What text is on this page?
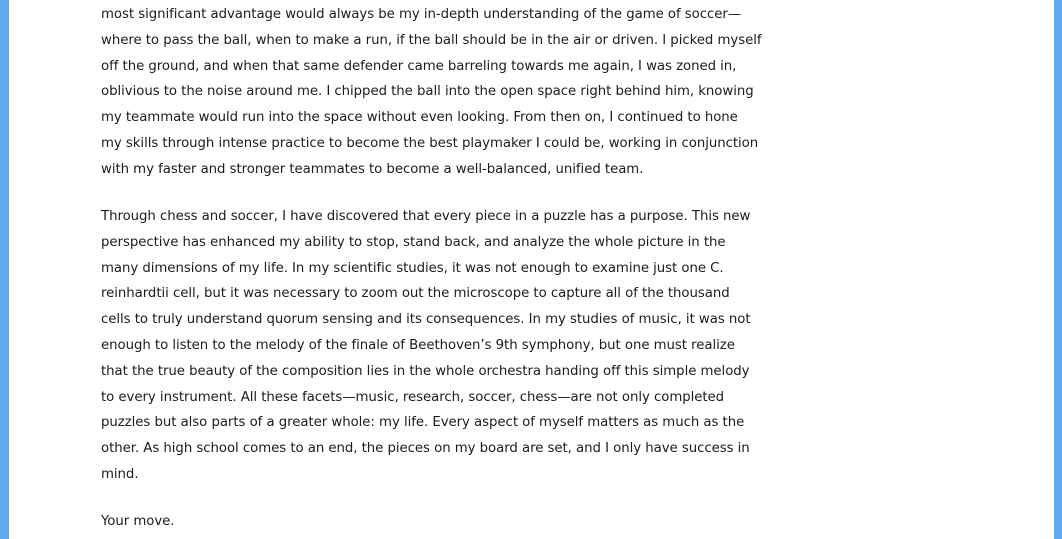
most significant advantage would always be my in-depth understanding of the game of soccer—
where to pass the ball, when to make a run, if the ball should be in the air or driven. I picked myself
off the ground, and when that same defender came barreling towards me again, I was zoned in,
oblivious to the noise around me. I chipped the ball into the open space right behind him, knowing
my teammate would run into the space without even looking. From then on, I continued to hone
my skills through intense practice to become the best playmaker I could be, working in conjunction
with my faster and stronger teammates to become a well-balanced, unified team.

Through chess and soccer, I have discovered that every piece in a puzzle has a purpose. This new
perspective has enhanced my ability to stop, stand back, and analyze the whole picture in the
many dimensions of my life. In my scientific studies, it was not enough to examine just one C.
reinhardtii cell, but it was necessary to zoom out the microscope to capture all of the thousand
cells to truly understand quorum sensing and its consequences. In my studies of music, it was not
enough to listen to the melody of the finale of Beethoven’s 9th symphony, but one must realize
that the true beauty of the composition lies in the whole orchestra handing off this simple melody
to every instrument. All these facets—music, research, soccer, chess—are not only completed
puzzles but also parts of a greater whole: my life. Every aspect of myself matters as much as the
other. As high school comes to an end, the pieces on my board are set, and I only have success in
mind.

Your move.
